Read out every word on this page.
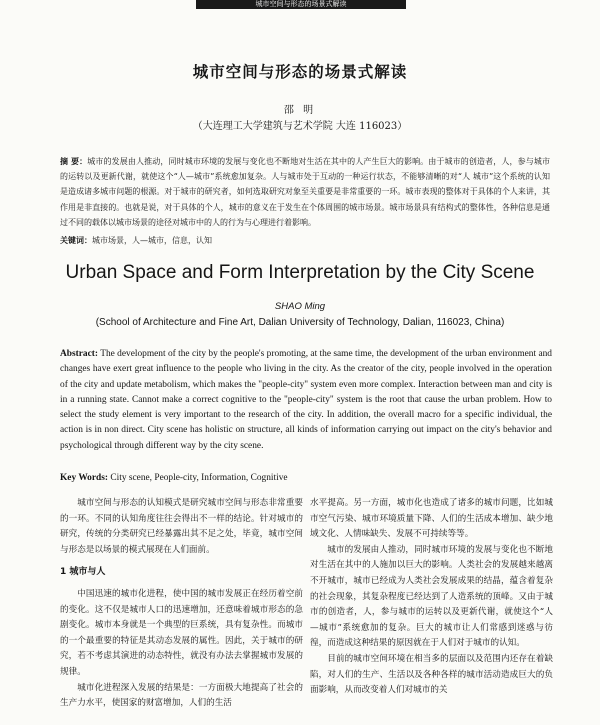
城市空间与形态的场景式解读
城市空间与形态的场景式解读
邵 明
（大连理工大学建筑与艺术学院 大连 116023）
摘 要：城市的发展由人推动，同时城市环境的发展与变化也不断地对生活在其中的人产生巨大的影响。由于城市的创造者，人，参与城市的运转以及更新代谢，就使这个“人—城市”系统愈加复杂。人与城市处于互动的一种运行状态，不能够清晰的对“人 城市”这个系统的认知是造成诸多城市问题的根源。对于城市的研究者，如何选取研究对象至关重要是非常重要的一环。城市表现的整体对于具体的个人来讲，其作用是非直接的。也就是说，对于具体的个人，城市的意义在于发生在个体周围的城市场景。城市场景具有结构式的整体性，各种信息是通过不同的载体以城市场景的途径对城市中的人的行为与心理进行着影响。
关键词：城市场景，人—城市，信息，认知
Urban Space and Form Interpretation by the City Scene
SHAO Ming
(School of Architecture and Fine Art, Dalian University of Technology, Dalian, 116023, China)
Abstract: The development of the city by the people's promoting, at the same time, the development of the urban environment and changes have exert great influence to the people who living in the city. As the creator of the city, people involved in the operation of the city and update metabolism, which makes the "people-city" system even more complex. Interaction between man and city is in a running state. Cannot make a correct cognitive to the "people-city" system is the root that cause the urban problem. How to select the study element is very important to the research of the city. In addition, the overall macro for a specific individual, the action is in non direct. City scene has holistic on structure, all kinds of information carrying out impact on the city's behavior and psychological through different way by the city scene.
Key Words: City scene, People-city, Information, Cognitive

城市空间与形态的认知模式是研究城市空间与形态非常重要的一环。不同的认知角度往往会得出不一样的结论。针对城市的研究，传统的分类研究已经暴露出其不足之处，毕竟，城市空间与形态是以场景的模式展现在人们面前。

1 城市与人

中国迅速的城市化进程，使中国的城市发展正在经历着空前的变化。这不仅是城市人口的迅速增加，还意味着城市形态的急剧变化。城市本身就是一个典型的巨系统，具有复杂性。而城市的一个最重要的特征是其动态发展的属性。因此，关于城市的研究，若不考虑其演进的动态特性，就没有办法去掌握城市发展的规律。

城市化进程深入发展的结果是：一方面极大地提高了社会的生产力水平，使国家的财富增加，人们的生活

水平提高。另一方面，城市化也造成了诸多的城市问题，比如城市空气污染、城市环境质量下降、人们的生活成本增加、缺少地域文化、人情味缺失、发展不可持续等等。

城市的发展由人推动，同时城市环境的发展与变化也不断地对生活在其中的人施加以巨大的影响。人类社会的发展越来越离不开城市，城市已经成为人类社会发展成果的结晶，蕴含着复杂的社会现象，其复杂程度已经达到了人造系统的顶峰。又由于城市的创造者，人，参与城市的运转以及更新代谢，就使这个“人—城市”系统愈加的复杂。巨大的城市让人们常感到迷惑与彷徨，而造成这种结果的原因就在于人们对于城市的认知。

目前的城市空间环境在相当多的层面以及范围内还存在着缺陷，对人们的生产、生活以及各种各样的城市活动造成巨大的负面影响，从而改变着人们对城市的关
